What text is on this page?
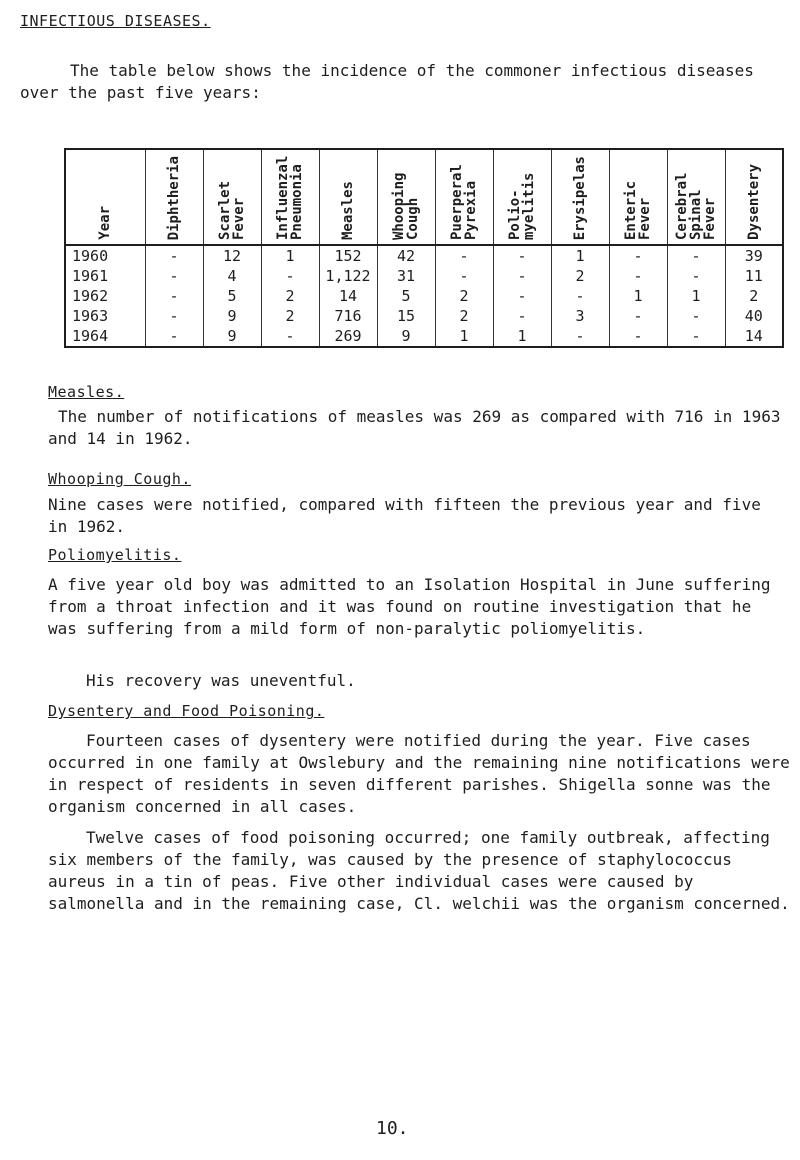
INFECTIOUS DISEASES.
The table below shows the incidence of the commoner infectious diseases over the past five years:
Year	Diphtheria	Scarlet Fever	Influenzal Pneumonia	Measles	Whooping Cough	Puerperal Pyrexia	Polio-myelitis	Erysipelas	Enteric Fever	Cerebral Spinal Fever	Dysentery

1960	-	12	1	152	42	-	-	1	-	-	39
1961	-	4	-	1,122	31	-	-	2	-	-	11
1962	-	5	2	14	5	2	-	-	1	1	2
1963	-	9	2	716	15	2	-	3	-	-	40
1964	-	9	-	269	9	1	1	-	-	-	14
Measles.
The number of notifications of measles was 269 as compared with 716 in 1963 and 14 in 1962.
Whooping Cough.
Nine cases were notified, compared with fifteen the previous year and five in 1962.
Poliomyelitis.
A five year old boy was admitted to an Isolation Hospital in June suffering from a throat infection and it was found on routine investigation that he was suffering from a mild form of non-paralytic poliomyelitis.
His recovery was uneventful.
Dysentery and Food Poisoning.
Fourteen cases of dysentery were notified during the year. Five cases occurred in one family at Owslebury and the remaining nine notifications were in respect of residents in seven different parishes. Shigella sonne was the organism concerned in all cases.
Twelve cases of food poisoning occurred; one family outbreak, affecting six members of the family, was caused by the presence of staphylococcus aureus in a tin of peas. Five other individual cases were caused by salmonella and in the remaining case, Cl. welchii was the organism concerned.
10.
